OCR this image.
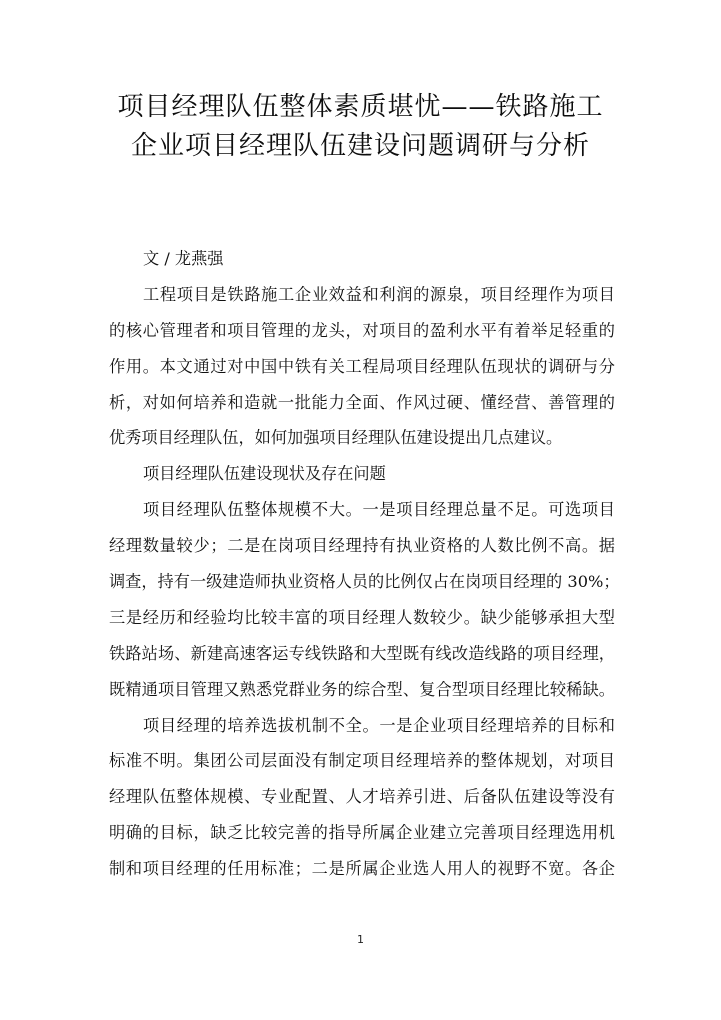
项目经理队伍整体素质堪忧——铁路施工
企业项目经理队伍建设问题调研与分析
文 / 龙燕强
工程项目是铁路施工企业效益和利润的源泉，项目经理作为项目
的核心管理者和项目管理的龙头，对项目的盈利水平有着举足轻重的
作用。本文通过对中国中铁有关工程局项目经理队伍现状的调研与分
析，对如何培养和造就一批能力全面、作风过硬、懂经营、善管理的
优秀项目经理队伍，如何加强项目经理队伍建设提出几点建议。
项目经理队伍建设现状及存在问题
项目经理队伍整体规模不大。一是项目经理总量不足。可选项目
经理数量较少；二是在岗项目经理持有执业资格的人数比例不高。据
调查，持有一级建造师执业资格人员的比例仅占在岗项目经理的 30%；
三是经历和经验均比较丰富的项目经理人数较少。缺少能够承担大型
铁路站场、新建高速客运专线铁路和大型既有线改造线路的项目经理，
既精通项目管理又熟悉党群业务的综合型、复合型项目经理比较稀缺。
项目经理的培养选拔机制不全。一是企业项目经理培养的目标和
标准不明。集团公司层面没有制定项目经理培养的整体规划，对项目
经理队伍整体规模、专业配置、人才培养引进、后备队伍建设等没有
明确的目标，缺乏比较完善的指导所属企业建立完善项目经理选用机
制和项目经理的任用标准；二是所属企业选人用人的视野不宽。各企
1
